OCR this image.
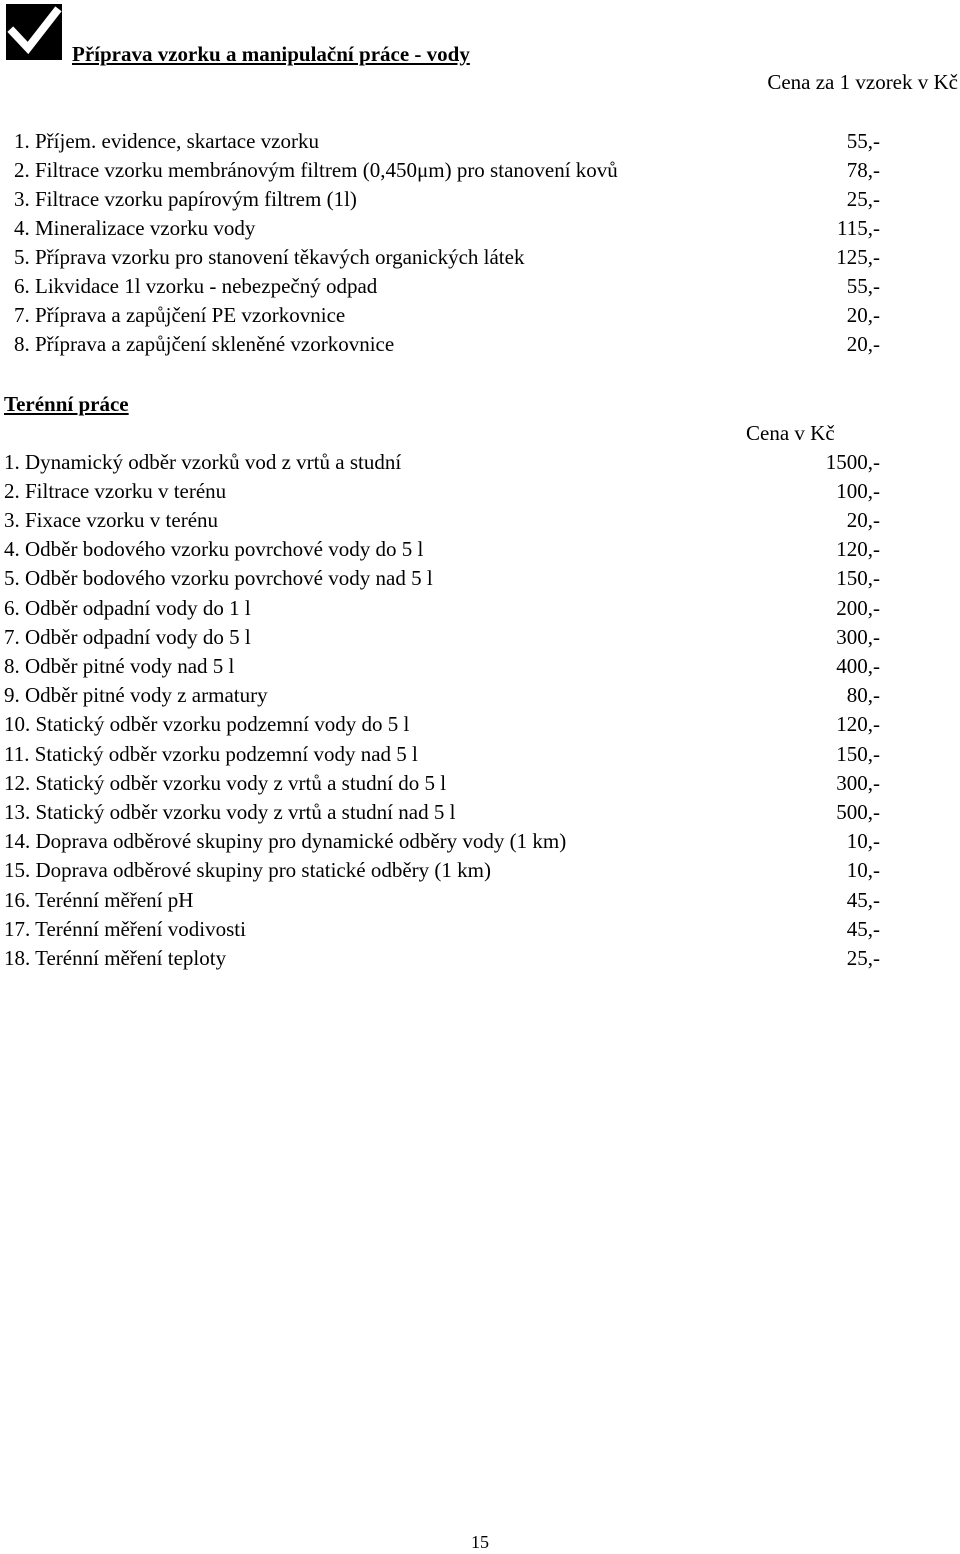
Příprava vzorku a manipulační práce - vody
Cena za 1 vzorek v Kč
1. Příjem. evidence, skartace vzorku	55,-
2. Filtrace vzorku membránovým filtrem (0,450μm) pro stanovení kovů	78,-
3. Filtrace vzorku papírovým filtrem (1l)	25,-
4. Mineralizace vzorku vody	115,-
5. Příprava vzorku pro stanovení těkavých organických látek	125,-
6. Likvidace 1l vzorku - nebezpečný odpad	55,-
7. Příprava a zapůjčení PE vzorkovnice	20,-
8. Příprava a zapůjčení skleněné vzorkovnice	20,-
Terénní práce
Cena v Kč
1. Dynamický odběr vzorků vod z vrtů a studní	1500,-
2. Filtrace vzorku v terénu	100,-
3. Fixace vzorku v terénu	20,-
4. Odběr bodového vzorku povrchové vody do 5 l	120,-
5. Odběr bodového vzorku povrchové vody nad 5 l	150,-
6. Odběr odpadní vody do 1 l	200,-
7. Odběr odpadní vody do 5 l	300,-
8. Odběr pitné vody nad 5 l	400,-
9. Odběr pitné vody z armatury	80,-
10. Statický odběr vzorku podzemní vody do 5 l	120,-
11. Statický odběr vzorku podzemní vody nad 5 l	150,-
12. Statický odběr vzorku vody z vrtů a studní do 5 l	300,-
13. Statický odběr vzorku vody z vrtů a studní nad 5 l	500,-
14. Doprava odběrové skupiny pro dynamické odběry vody (1 km)	10,-
15. Doprava odběrové skupiny pro statické odběry (1 km)	10,-
16. Terénní měření pH	45,-
17. Terénní měření vodivosti	45,-
18. Terénní měření teploty	25,-
15
